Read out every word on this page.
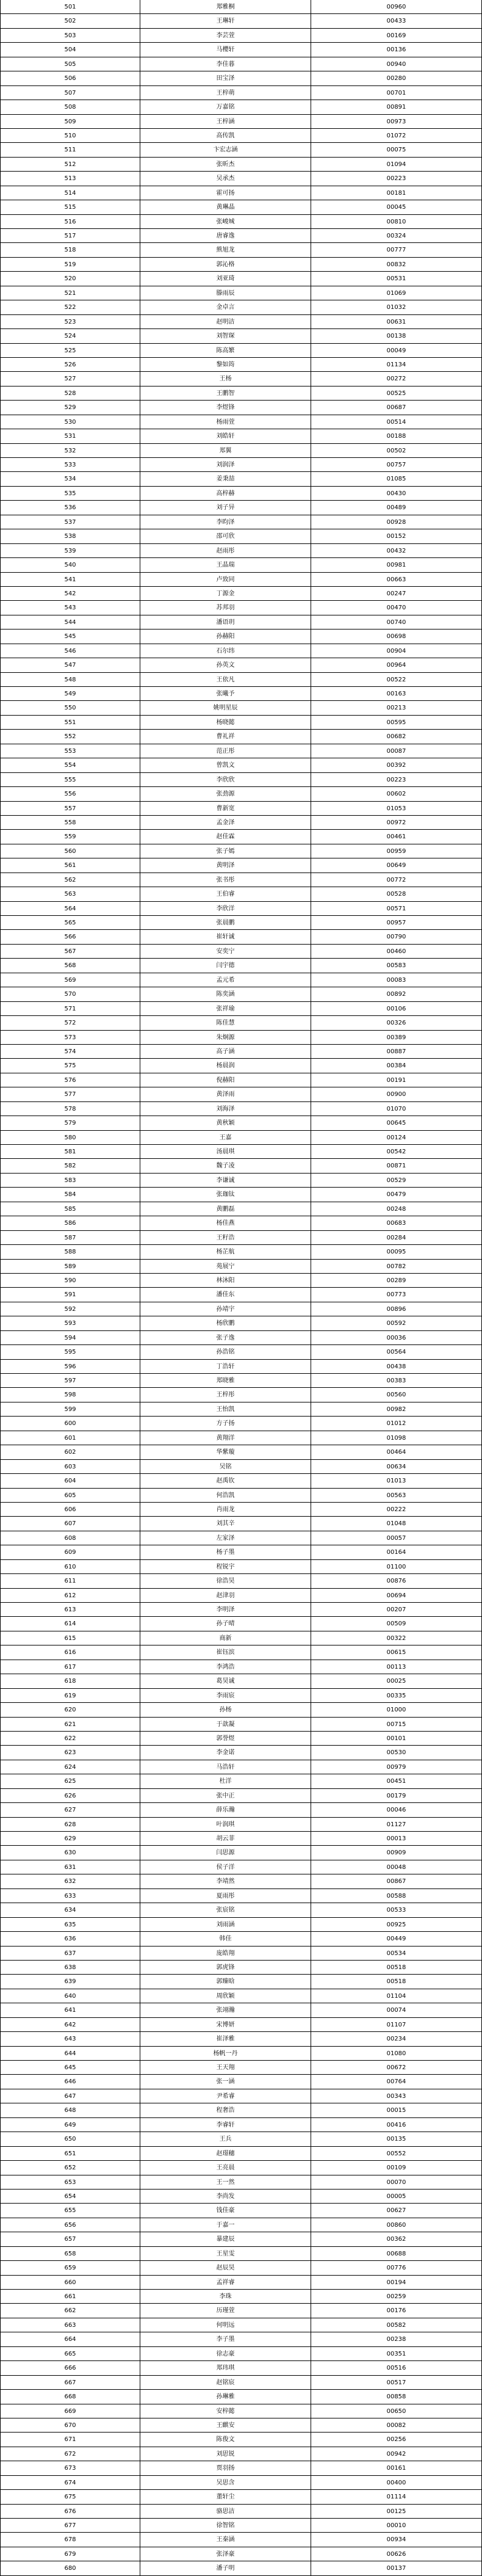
501	郑雅桐	00960
502	王琳轩	00433
503	李芸萱	00169
504	马樱轩	00136
505	李佳暮	00940
506	田宝泽	00280
507	王梓萌	00701
508	万嘉铭	00891
509	王梓涵	00973
510	高传凯	01072
511	卞宏志涵	00075
512	张昕杰	01094
513	吴承杰	00223
514	霍可扬	00181
515	黄琳晶	00045
516	张峻城	00810
517	唐睿逸	00324
518	熊旭龙	00777
519	郭沁格	00832
520	刘亚琦	00531
521	滕雨辰	01069
522	金卓言	01032
523	赵明洁	00631
524	刘智琛	00138
525	陈高繁	00049
526	黎如筠	01134
527	王杨	00272
528	王鹏智	00525
529	李煜锋	00687
530	杨雨萱	00514
531	刘皓轩	00188
532	郑翼	00502
533	刘润泽	00757
534	姜秉喆	01085
535	高梓赫	00430
536	刘子异	00489
537	李昀泽	00928
538	邵可欣	00152
539	赵雨彤	00432
540	王晶瑞	00981
541	卢致同	00663
542	丁源金	00247
543	苏邦羽	00470
544	潘语玥	00740
545	孙赫阳	00698
546	石尔纬	00904
547	孙英文	00964
548	王依凡	00522
549	张曦予	00163
550	姚明星辰	00213
551	杨晓懿	00595
552	曹礼祥	00682
553	范正彤	00087
554	曾凯文	00392
555	李欣欣	00223
556	张劲源	00602
557	曹新宽	01053
558	孟金泽	00972
559	赵佳霖	00461
560	张子嫣	00959
561	黄明泽	00649
562	张书彤	00772
563	王伯睿	00528
564	李欣洋	00571
565	张晨鹏	00957
566	崔轩诚	00790
567	安奕宁	00460
568	闫宇德	00583
569	孟元希	00083
570	陈奕涵	00892
571	张祥瑜	00106
572	陈佳慧	00326
573	朱炯源	00389
574	高子涵	00887
575	杨晨润	00384
576	倪赫阳	00191
577	黄泽雨	00900
578	刘海泽	01070
579	黄秋颖	00645
580	王嘉	00124
581	汤晨琪	00542
582	魏子凌	00871
583	李谦诚	00529
584	张珈钛	00479
585	黄鹏磊	00248
586	杨佳燕	00683
587	王籽浩	00284
588	杨芷航	00095
589	苑展宁	00782
590	林沐阳	00289
591	潘佳东	00773
592	孙靖宇	00896
593	杨欣鹏	00592
594	张子逸	00036
595	孙浩铭	00564
596	丁浩轩	00438
597	郑晓雅	00383
598	王梓彤	00560
599	王怡凯	00982
600	方子扬	01012
601	黄翔洋	01098
602	华紫璇	00464
603	吴铭	00634
604	赵禹钦	01013
605	何浩凯	00563
606	肖雨龙	00222
607	刘其辛	01048
608	左家泽	00057
609	杨子墨	00164
610	程锐宇	01100
611	徐浩昊	00876
612	赵津羽	00694
613	李明泽	00207
614	孙子晴	00509
615	商新	00322
616	崔钰滨	00615
617	李鸿浩	00113
618	葛昊诚	00025
619	李雨宸	00335
620	孙杨	01000
621	于歆凝	00715
622	郭誉煜	00101
623	李金诺	00530
624	马浩轩	00979
625	杜洋	00451
626	张中正	00179
627	薛乐瀚	00046
628	叶润琪	01127
629	胡云菲	00013
630	闫思源	00909
631	侯子洋	00048
632	李靖然	00867
633	夏雨彤	00588
634	张宸铭	00533
635	刘雨涵	00925
636	韩佳	00449
637	庞皓翔	00534
638	郭虎锋	00518
639	郭臻晗	00518
640	周欣颖	01104
641	张翊瀚	00074
642	宋博妍	01107
643	崔泽雅	00234
644	杨帆一丹	01080
645	王天翔	00672
646	张一涵	00764
647	尹希睿	00343
648	程奢浩	00015
649	李睿轩	00416
650	王兵	00135
651	赵璟穗	00552
652	王亮晨	00109
653	王一然	00070
654	李尚发	00005
655	钱佳豪	00627
656	于嘉一	00860
657	暴建辰	00362
658	王星雯	00688
659	赵辰昊	00776
660	孟祥睿	00194
661	李珠	00259
662	历瑾萱	00176
663	何明远	00582
664	李子墨	00238
665	徐志豪	00351
666	郑玮琪	00516
667	赵铭宸	00517
668	孙琳雅	00858
669	安梓懿	00650
670	王麒安	00082
671	陈俊文	00256
672	刘思锐	00942
673	贾羽扬	00161
674	吴思含	00400
675	董轩尘	01114
676	骆思洁	00125
677	徐智铭	00010
678	王秦涵	00934
679	张泽豪	00626
680	潘子明	00137
